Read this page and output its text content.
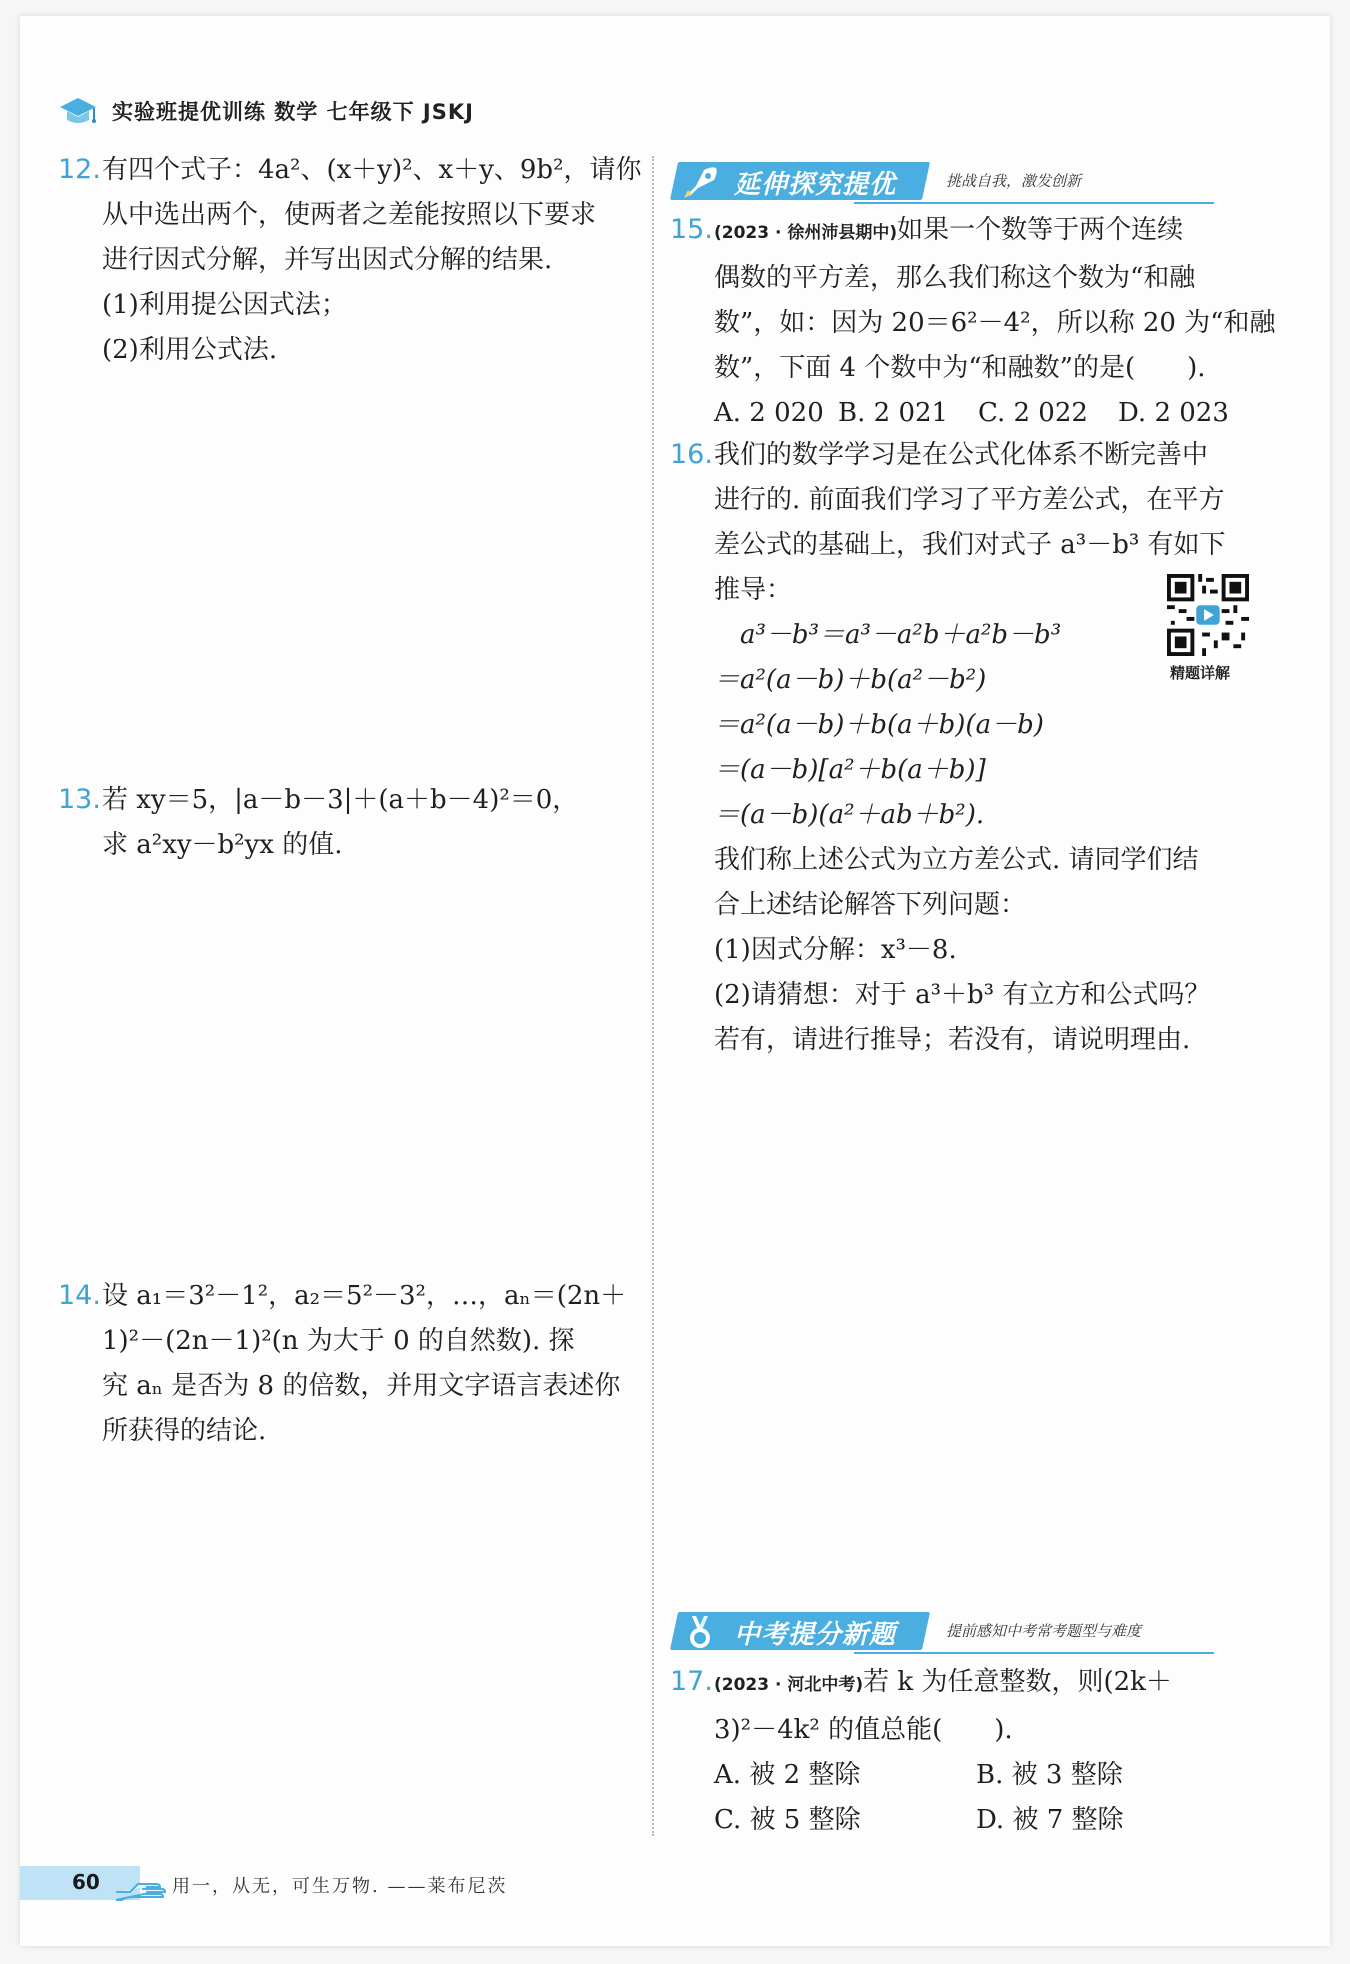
实验班提优训练 数学 七年级下 JSKJ
12. 有四个式子：4a²、(x＋y)²、x＋y、9b²，请你
从中选出两个，使两者之差能按照以下要求
进行因式分解，并写出因式分解的结果.
(1)利用提公因式法；
(2)利用公式法.
13. 若 xy＝5，|a－b－3|＋(a＋b－4)²＝0，
求 a²xy－b²yx 的值.
14. 设 a₁＝3²－1²，a₂＝5²－3²，…，aₙ＝(2n＋
1)²－(2n－1)²(n 为大于 0 的自然数). 探
究 aₙ 是否为 8 的倍数，并用文字语言表述你
所获得的结论.
延伸探究提优	挑战自我，激发创新
15. (2023 · 徐州沛县期中)如果一个数等于两个连续
偶数的平方差，那么我们称这个数为“和融
数”，如：因为 20＝6²－4²，所以称 20 为“和融
数”，下面 4 个数中为“和融数”的是(　　).
A. 2 020 B. 2 021	C. 2 022	D. 2 023
16. 我们的数学学习是在公式化体系不断完善中
进行的. 前面我们学习了平方差公式，在平方
差公式的基础上，我们对式子 a³－b³ 有如下
推导：
a³－b³＝a³－a²b＋a²b－b³
＝a²(a－b)＋b(a²－b²)
＝a²(a－b)＋b(a＋b)(a－b)
＝(a－b)[a²＋b(a＋b)]
＝(a－b)(a²＋ab＋b²).
我们称上述公式为立方差公式. 请同学们结
合上述结论解答下列问题：
(1)因式分解：x³－8.
(2)请猜想：对于 a³＋b³ 有立方和公式吗？
若有，请进行推导；若没有，请说明理由.
精题详解
中考提分新题	提前感知中考常考题型与难度
17. (2023 · 河北中考)若 k 为任意整数，则(2k＋
3)²－4k² 的值总能(　　).
A. 被 2 整除	B. 被 3 整除
C. 被 5 整除	D. 被 7 整除
60	用一，从无，可生万物. ——莱布尼茨
